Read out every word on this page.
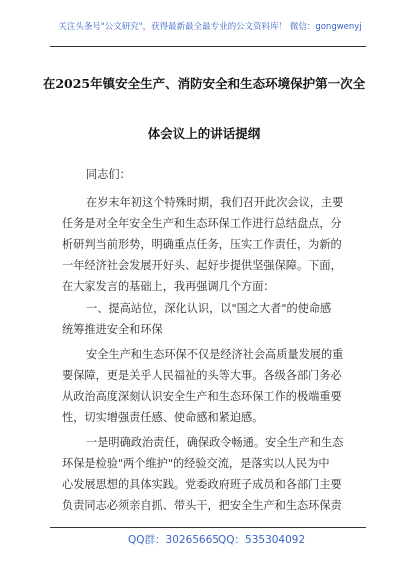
关注头条号"公文研究"，获得最新最全最专业的公文资料库！ 微信：gongwenyj
在2025年镇安全生产、消防安全和生态环境保护第一次全
体会议上的讲话提纲
同志们：
在岁末年初这个特殊时期，我们召开此次会议，主要
任务是对全年安全生产和生态环保工作进行总结盘点，分
析研判当前形势，明确重点任务，压实工作责任，为新的
一年经济社会发展开好头、起好步提供坚强保障。下面，
在大家发言的基础上，我再强调几个方面：
一、提高站位，深化认识，以"国之大者"的使命感
统筹推进安全和环保
安全生产和生态环保不仅是经济社会高质量发展的重
要保障，更是关乎人民福祉的头等大事。各级各部门务必
从政治高度深刻认识安全生产和生态环保工作的极端重要
性，切实增强责任感、使命感和紧迫感。
一是明确政治责任，确保政令畅通。安全生产和生态
环保是检验"两个维护"的经验交流，是落实以人民为中
心发展思想的具体实践。党委政府班子成员和各部门主要
负责同志必须亲自抓、带头干，把安全生产和生态环保责
QQ群：30265665 QQ：535304092
